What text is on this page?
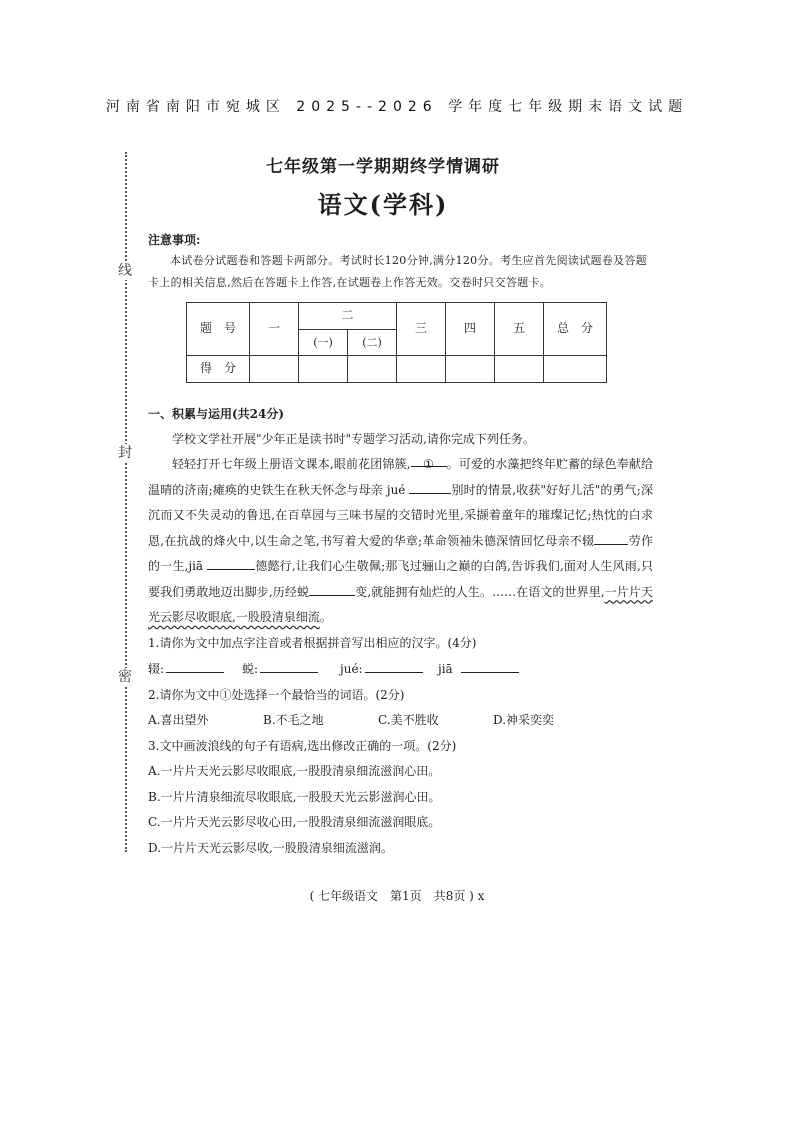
河南省南阳市宛城区 2025--2026 学年度七年级期末语文试题
线
封
密
七年级第一学期期终学情调研
语文(学科)
注意事项:
本试卷分试题卷和答题卡两部分。考试时长120分钟,满分120分。考生应首先阅读试题卷及答题卡上的相关信息,然后在答题卡上作答,在试题卷上作答无效。交卷时只交答题卡。
题　号	一	二		三	四	五	总　分
		(一)	(二)				
得　分							
一、积累与运用(共24分)
学校文学社开展"少年正是读书时"专题学习活动,请你完成下列任务。
轻轻打开七年级上册语文课本,眼前花团锦簇, ① 。可爱的水藻把终年贮蓄的绿色奉献给温晴的济南;瘫痪的史铁生在秋天怀念与母亲 jué	别时的情景,收获"好好儿活"的勇气;深沉而又不失灵动的鲁迅,在百草园与三味书屋的交错时光里,采撷着童年的璀璨记忆;热忱的白求恩,在抗战的烽火中,以生命之笔,书写着大爱的华章;革命领袖朱德深情回忆母亲不辍	劳作的一生,jiā	德懿行,让我们心生敬佩;那飞过骊山之巅的白鸽,告诉我们,面对人生风雨,只要我们勇敢地迈出脚步,历经蜕	变,就能拥有灿烂的人生。……在语文的世界里,一片片天光云影尽收眼底,一股股清泉细流。
1.请你为文中加点字注音或者根据拼音写出相应的汉字。(4分)
辍:	蜕:	jué:	jiā
2.请你为文中①处选择一个最恰当的词语。(2分)
A.喜出望外	B.不毛之地	C.美不胜收	D.神采奕奕
3.文中画波浪线的句子有语病,选出修改正确的一项。(2分)
A.一片片天光云影尽收眼底,一股股清泉细流滋润心田。
B.一片片清泉细流尽收眼底,一股股天光云影滋润心田。
C.一片片天光云影尽收心田,一股股清泉细流滋润眼底。
D.一片片天光云影尽收,一股股清泉细流滋润。
( 七年级语文　第1页　共8页 ) x
